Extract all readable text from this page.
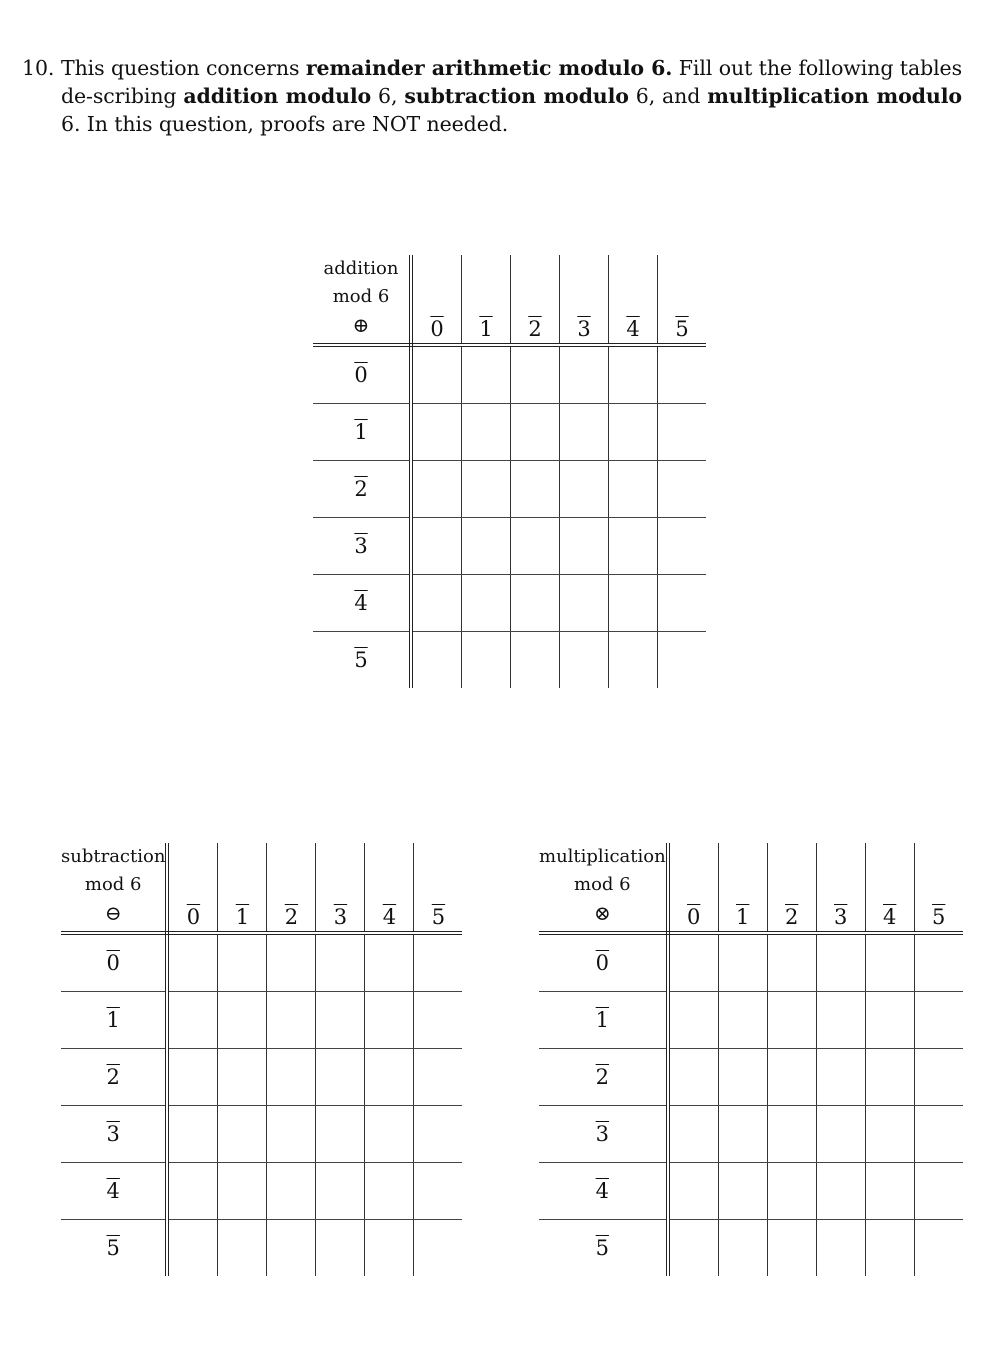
10. This question concerns remainder arithmetic modulo 6. Fill out the following tables de-scribing addition modulo 6, subtraction modulo 6, and multiplication modulo 6. In this question, proofs are NOT needed.
addition
mod 6
⊕	0	1	2	3	4	5
0						
1						
2						
3						
4						
5						
subtraction
mod 6
⊖	0	1	2	3	4	5
0						
1						
2						
3						
4						
5						
multiplication
mod 6
⊗	0	1	2	3	4	5
0						
1						
2						
3						
4						
5						
